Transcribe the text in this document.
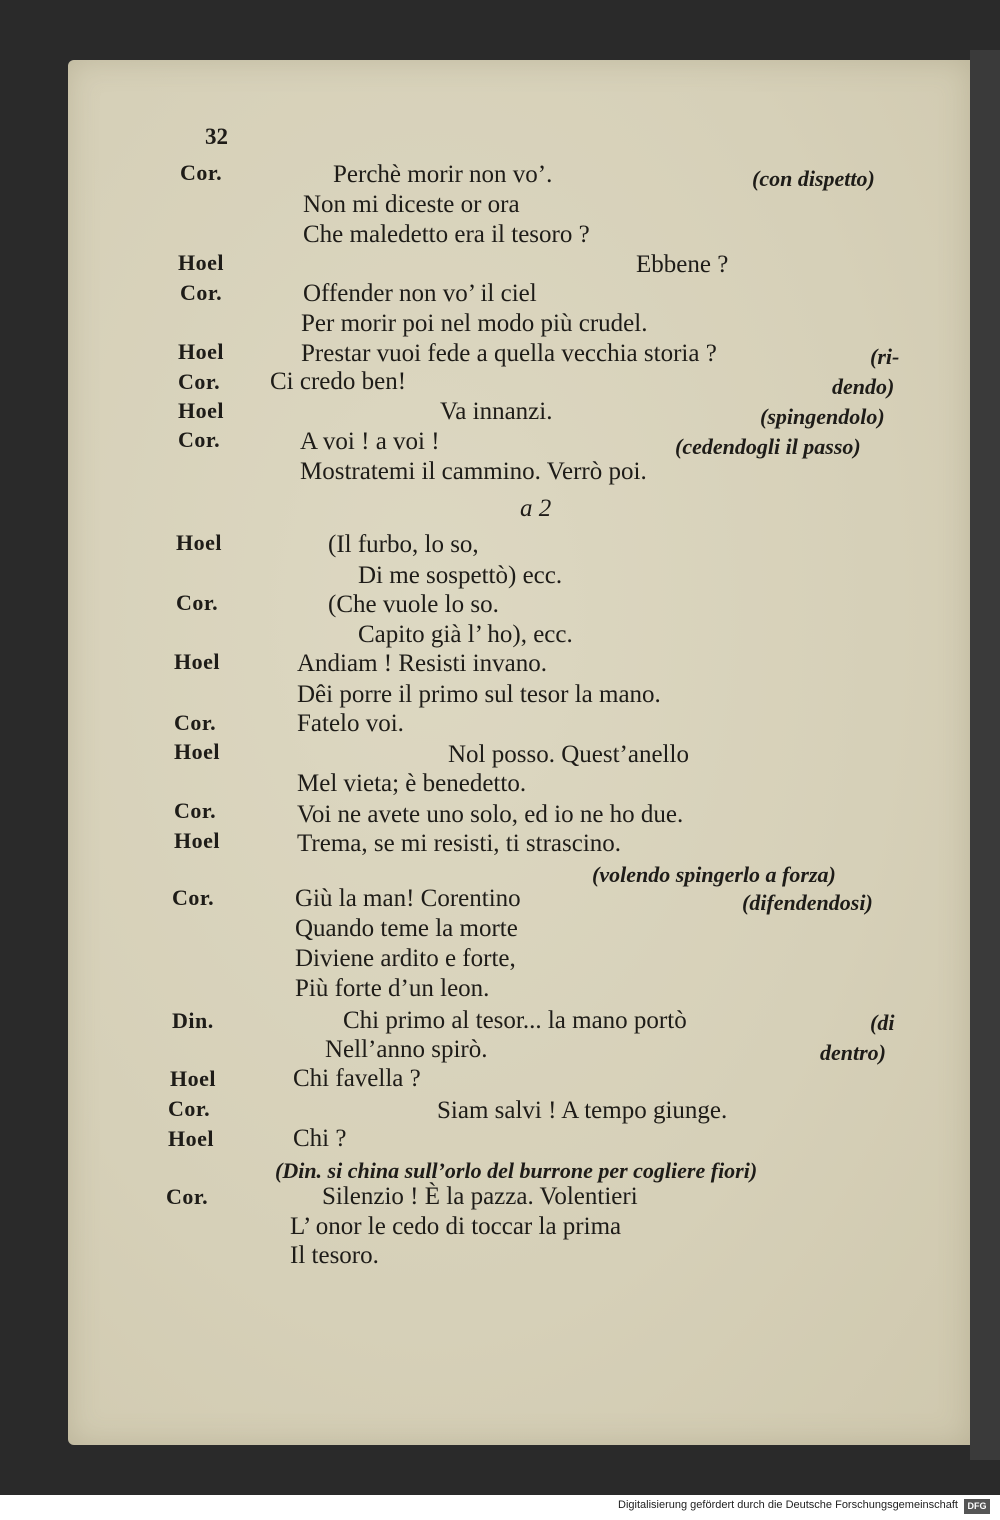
32
Cor.
Hoel
Cor.
Hoel
Cor.
Hoel
Cor.
Hoel
Cor.
Hoel
Cor.
Hoel
Cor.
Hoel
Cor.
Din.
Hoel
Cor.
Hoel
Cor.
Perchè morir non vo’.
Non mi diceste or ora
Che maledetto era il tesoro ?
Ebbene ?
Offender non vo’ il ciel
Per morir poi nel modo più crudel.
Prestar vuoi fede a quella vecchia storia ?
Ci credo ben!
Va innanzi.
A voi ! a voi !
Mostratemi il cammino. Verrò poi.
a 2
(Il furbo, lo so,
Di me sospettò) ecc.
(Che vuole lo so.
Capito già l’ ho), ecc.
Andiam ! Resisti invano.
Dêi porre il primo sul tesor la mano.
Fatelo voi.
Nol posso. Quest’anello
Mel vieta; è benedetto.
Voi ne avete uno solo, ed io ne ho due.
Trema, se mi resisti, ti strascino.
Giù la man! Corentino
Quando teme la morte
Diviene ardito e forte,
Più forte d’un leon.
Chi primo al tesor... la mano portò
Nell’anno spirò.
Chi favella ?
Siam salvi ! A tempo giunge.
Chi ?
Silenzio ! È la pazza. Volentieri
L’ onor le cedo di toccar la prima
Il tesoro.
(con dispetto)
(ri-
dendo)
(spingendolo)
(cedendogli il passo)
(volendo spingerlo a forza)
(difendendosi)
(di
dentro)
(Din. si china sull’orlo del burrone per cogliere fiori)
Digitalisierung gefördert durch die Deutsche Forschungsgemeinschaft	DFG
